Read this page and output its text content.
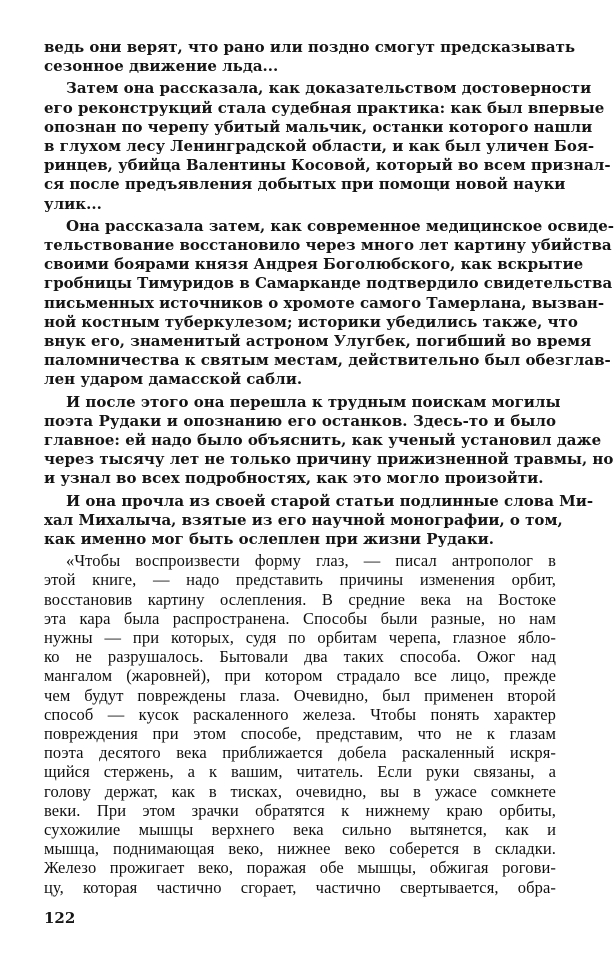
ведь они верят, что рано или поздно смогут предсказывать
сезонное движение льда...
Затем она рассказала, как доказательством достоверности
его реконструкций стала судебная практика: как был впервые
опознан по черепу убитый мальчик, останки которого нашли
в глухом лесу Ленинградской области, и как был уличен Боя-
ринцев, убийца Валентины Косовой, который во всем признал-
ся после предъявления добытых при помощи новой науки
улик...
Она рассказала затем, как современное медицинское освиде-
тельствование восстановило через много лет картину убийства
своими боярами князя Андрея Боголюбского, как вскрытие
гробницы Тимуридов в Самарканде подтвердило свидетельства
письменных источников о хромоте самого Тамерлана, вызван-
ной костным туберкулезом; историки убедились также, что
внук его, знаменитый астроном Улугбек, погибший во время
паломничества к святым местам, действительно был обезглав-
лен ударом дамасской сабли.
И после этого она перешла к трудным поискам могилы
поэта Рудаки и опознанию его останков. Здесь-то и было
главное: ей надо было объяснить, как ученый установил даже
через тысячу лет не только причину прижизненной травмы, но
и узнал во всех подробностях, как это могло произойти.
И она прочла из своей старой статьи подлинные слова Ми-
хал Михалыча, взятые из его научной монографии, о том,
как именно мог быть ослеплен при жизни Рудаки.
«Чтобы воспроизвести форму глаз, — писал антрополог в
этой книге, — надо представить причины изменения орбит,
восстановив картину ослепления. В средние века на Востоке
эта кара была распространена. Способы были разные, но нам
нужны — при которых, судя по орбитам черепа, глазное ябло-
ко не разрушалось. Бытовали два таких способа. Ожог над
мангалом (жаровней), при котором страдало все лицо, прежде
чем будут повреждены глаза. Очевидно, был применен второй
способ — кусок раскаленного железа. Чтобы понять характер
повреждения при этом способе, представим, что не к глазам
поэта десятого века приближается добела раскаленный искря-
щийся стержень, а к вашим, читатель. Если руки связаны, а
голову держат, как в тисках, очевидно, вы в ужасе сомкнете
веки. При этом зрачки обратятся к нижнему краю орбиты,
сухожилие мышцы верхнего века сильно вытянется, как и
мышца, поднимающая веко, нижнее веко соберется в складки.
Железо прожигает веко, поражая обе мышцы, обжигая рогови-
цу, которая частично сгорает, частично свертывается, обра-
122
